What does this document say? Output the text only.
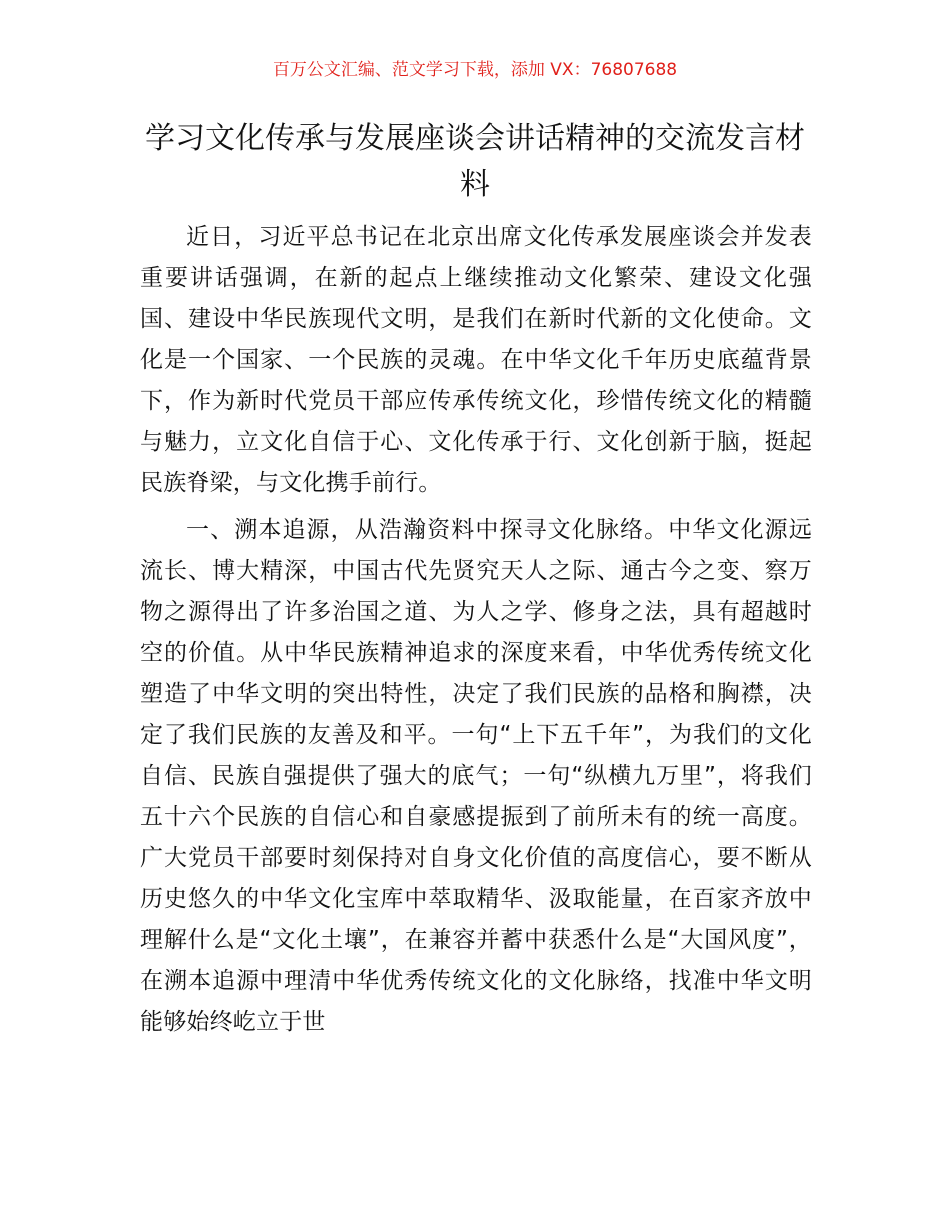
百万公文汇编、范文学习下载，添加 VX：76807688
学习文化传承与发展座谈会讲话精神的交流发言材料

近日，习近平总书记在北京出席文化传承发展座谈会并发表重要讲话强调，在新的起点上继续推动文化繁荣、建设文化强国、建设中华民族现代文明，是我们在新时代新的文化使命。文化是一个国家、一个民族的灵魂。在中华文化千年历史底蕴背景下，作为新时代党员干部应传承传统文化，珍惜传统文化的精髓与魅力，立文化自信于心、文化传承于行、文化创新于脑，挺起民族脊梁，与文化携手前行。

一、溯本追源，从浩瀚资料中探寻文化脉络。中华文化源远流长、博大精深，中国古代先贤究天人之际、通古今之变、察万物之源得出了许多治国之道、为人之学、修身之法，具有超越时空的价值。从中华民族精神追求的深度来看，中华优秀传统文化塑造了中华文明的突出特性，决定了我们民族的品格和胸襟，决定了我们民族的友善及和平。一句“上下五千年”，为我们的文化自信、民族自强提供了强大的底气；一句“纵横九万里”，将我们五十六个民族的自信心和自豪感提振到了前所未有的统一高度。广大党员干部要时刻保持对自身文化价值的高度信心，要不断从历史悠久的中华文化宝库中萃取精华、汲取能量，在百家齐放中理解什么是“文化土壤”，在兼容并蓄中获悉什么是“大国风度”，在溯本追源中理清中华优秀传统文化的文化脉络，找准中华文明能够始终屹立于世
